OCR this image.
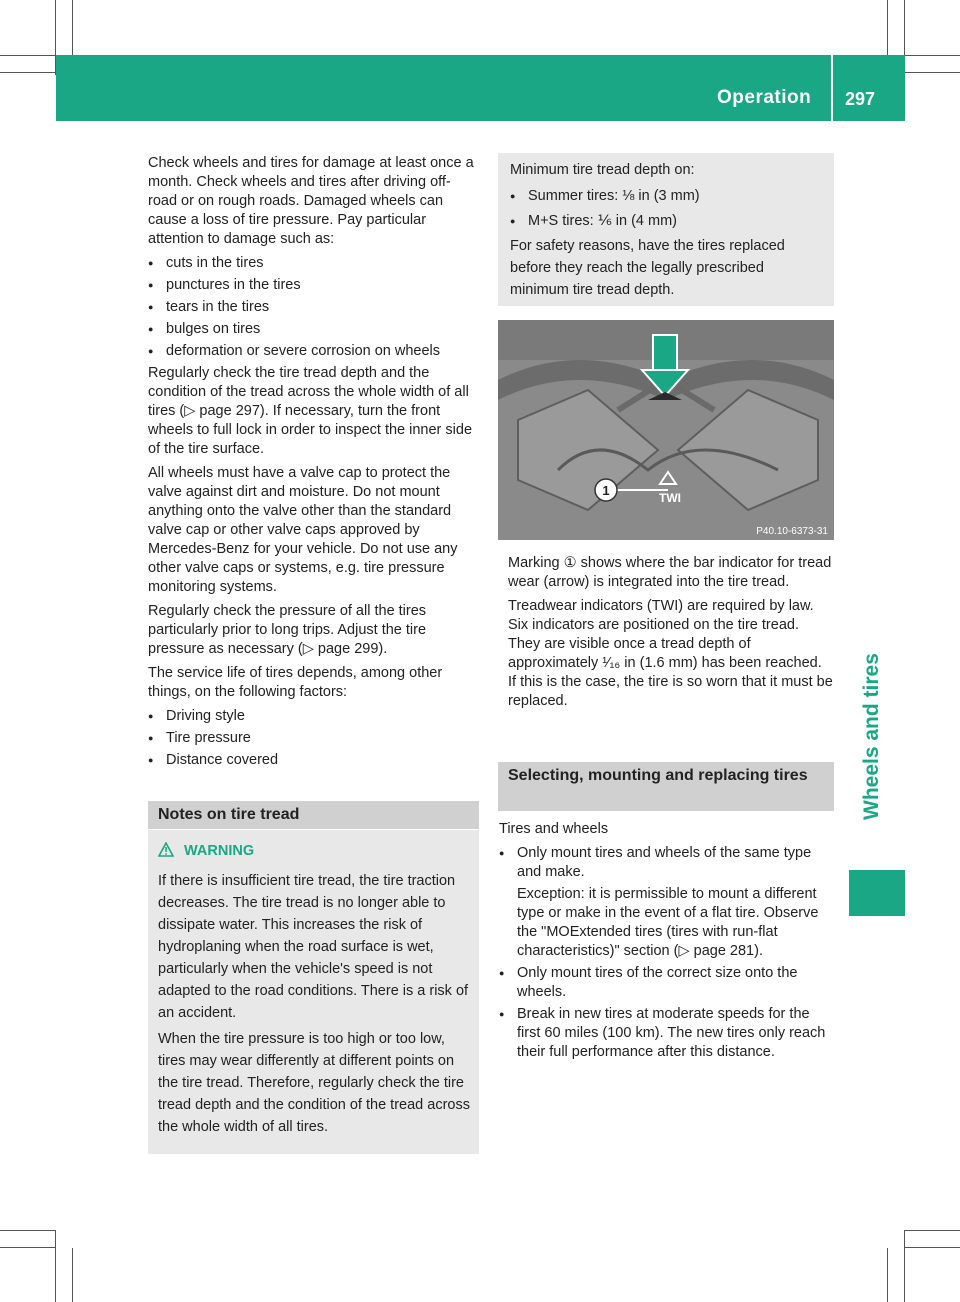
Operation 297
Wheels and tires

Check wheels and tires for damage at least once a month. Check wheels and tires after driving off-road or on rough roads. Damaged wheels can cause a loss of tire pressure. Pay particular attention to damage such as:

● cuts in the tires
● punctures in the tires
● tears in the tires
● bulges on tires
● deformation or severe corrosion on wheels

Regularly check the tire tread depth and the condition of the tread across the whole width of all tires (▷ page 297). If necessary, turn the front wheels to full lock in order to inspect the inner side of the tire surface.

All wheels must have a valve cap to protect the valve against dirt and moisture. Do not mount anything onto the valve other than the standard valve cap or other valve caps approved by Mercedes-Benz for your vehicle. Do not use any other valve caps or systems, e.g. tire pressure monitoring systems.

Regularly check the pressure of all the tires particularly prior to long trips. Adjust the tire pressure as necessary (▷ page 299).

The service life of tires depends, among other things, on the following factors:

● Driving style
● Tire pressure
● Distance covered
Notes on tire tread
WARNING

If there is insufficient tire tread, the tire traction decreases. The tire tread is no longer able to dissipate water. This increases the risk of hydroplaning when the road surface is wet, particularly when the vehicle's speed is not adapted to the road conditions. There is a risk of an accident.

When the tire pressure is too high or too low, tires may wear differently at different points on the tire tread. Therefore, regularly check the tire tread depth and the condition of the tread across the whole width of all tires.

Minimum tire tread depth on:

● Summer tires: ⅛ in (3 mm)
● M+S tires: ⅙ in (4 mm)

For safety reasons, have the tires replaced before they reach the legally prescribed minimum tire tread depth.

1	TWI
P40.10-6373-31

Marking ① shows where the bar indicator for tread wear (arrow) is integrated into the tire tread.

Treadwear indicators (TWI) are required by law. Six indicators are positioned on the tire tread. They are visible once a tread depth of approximately ¹⁄₁₆ in (1.6 mm) has been reached. If this is the case, the tire is so worn that it must be replaced.

Selecting, mounting and replacing tires

Tires and wheels

● Only mount tires and wheels of the same type and make.
Exception: it is permissible to mount a different type or make in the event of a flat tire. Observe the "MOExtended tires (tires with run-flat characteristics)" section (▷ page 281).
● Only mount tires of the correct size onto the wheels.
● Break in new tires at moderate speeds for the first 60 miles (100 km). The new tires only reach their full performance after this distance.
